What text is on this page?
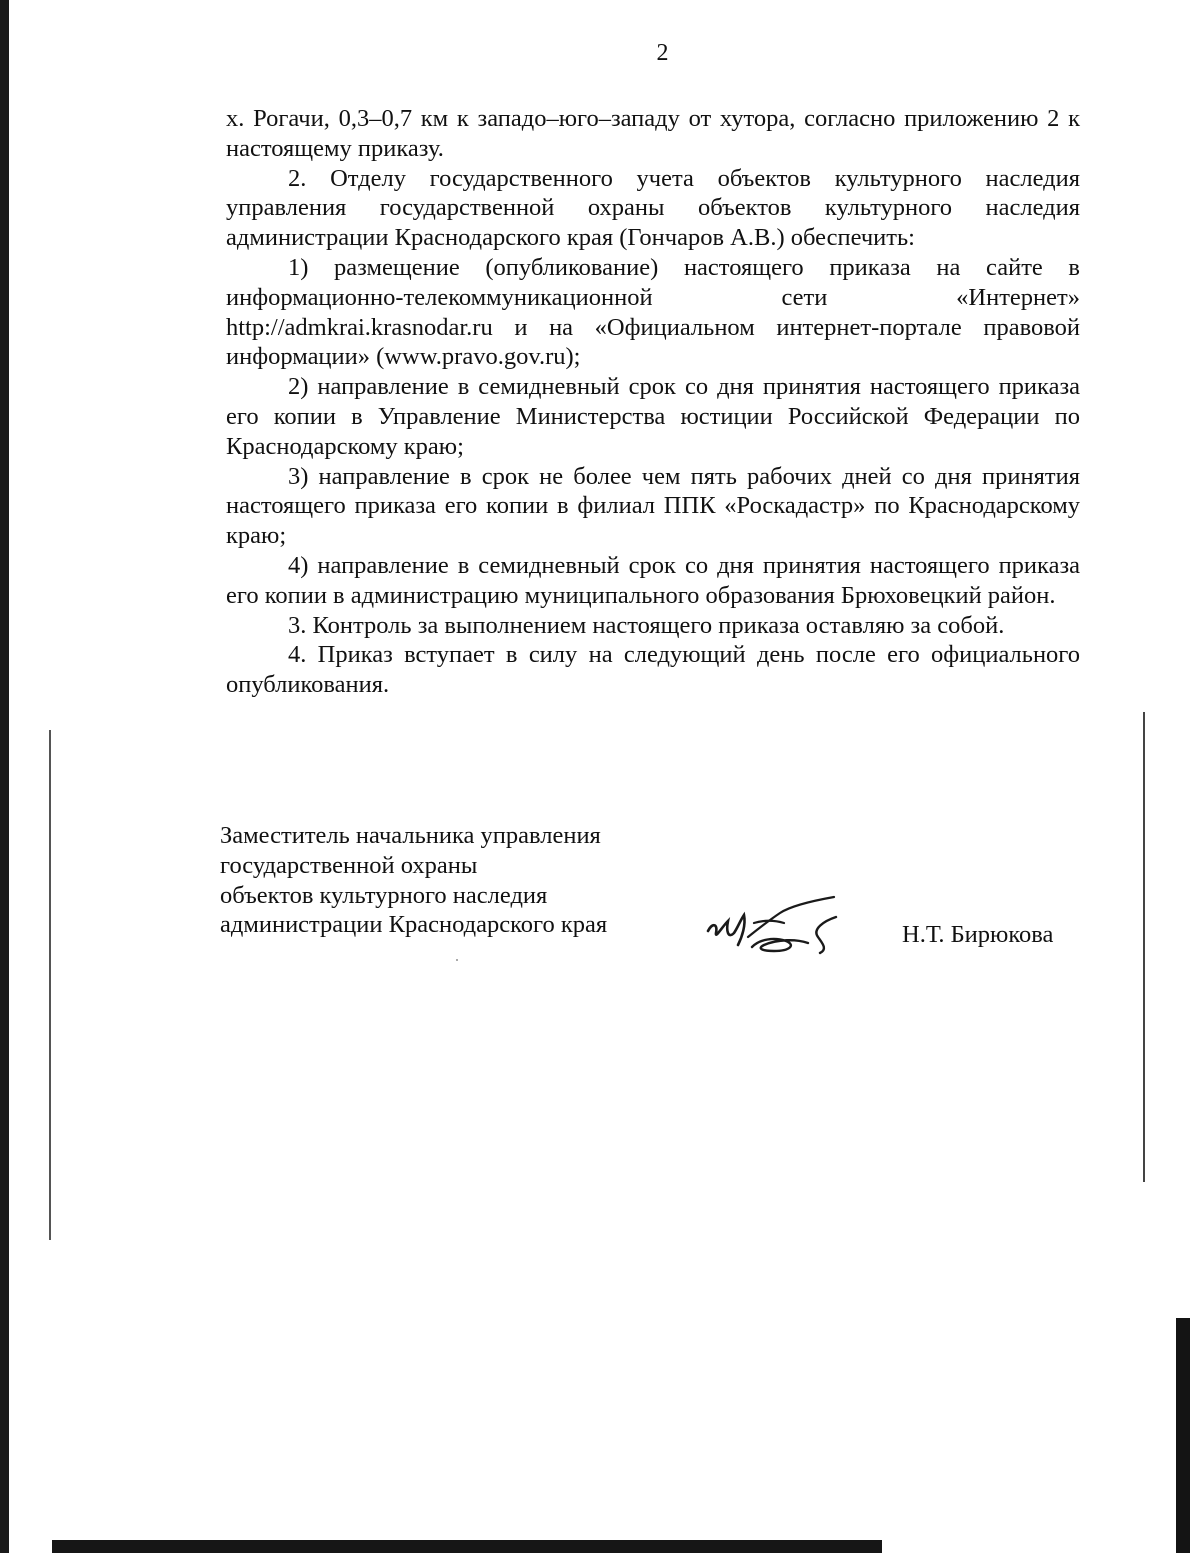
2

х. Рогачи, 0,3–0,7 км к западо–юго–западу от хутора, согласно приложению 2 к настоящему приказу.

2. Отделу государственного учета объектов культурного наследия управления государственной охраны объектов культурного наследия администрации Краснодарского края (Гончаров А.В.) обеспечить:

1) размещение (опубликование) настоящего приказа на сайте в информационно-телекоммуникационной сети «Интернет» http://admkrai.krasnodar.ru и на «Официальном интернет-портале правовой информации» (www.pravo.gov.ru);

2) направление в семидневный срок со дня принятия настоящего приказа его копии в Управление Министерства юстиции Российской Федерации по Краснодарскому краю;

3) направление в срок не более чем пять рабочих дней со дня принятия настоящего приказа его копии в филиал ППК «Роскадастр» по Краснодарскому краю;

4) направление в семидневный срок со дня принятия настоящего приказа его копии в администрацию муниципального образования Брюховецкий район.

3. Контроль за выполнением настоящего приказа оставляю за собой.

4. Приказ вступает в силу на следующий день после его официального опубликования.

Заместитель начальника управления
государственной охраны
объектов культурного наследия
администрации Краснодарского края	Н.Т. Бирюкова
